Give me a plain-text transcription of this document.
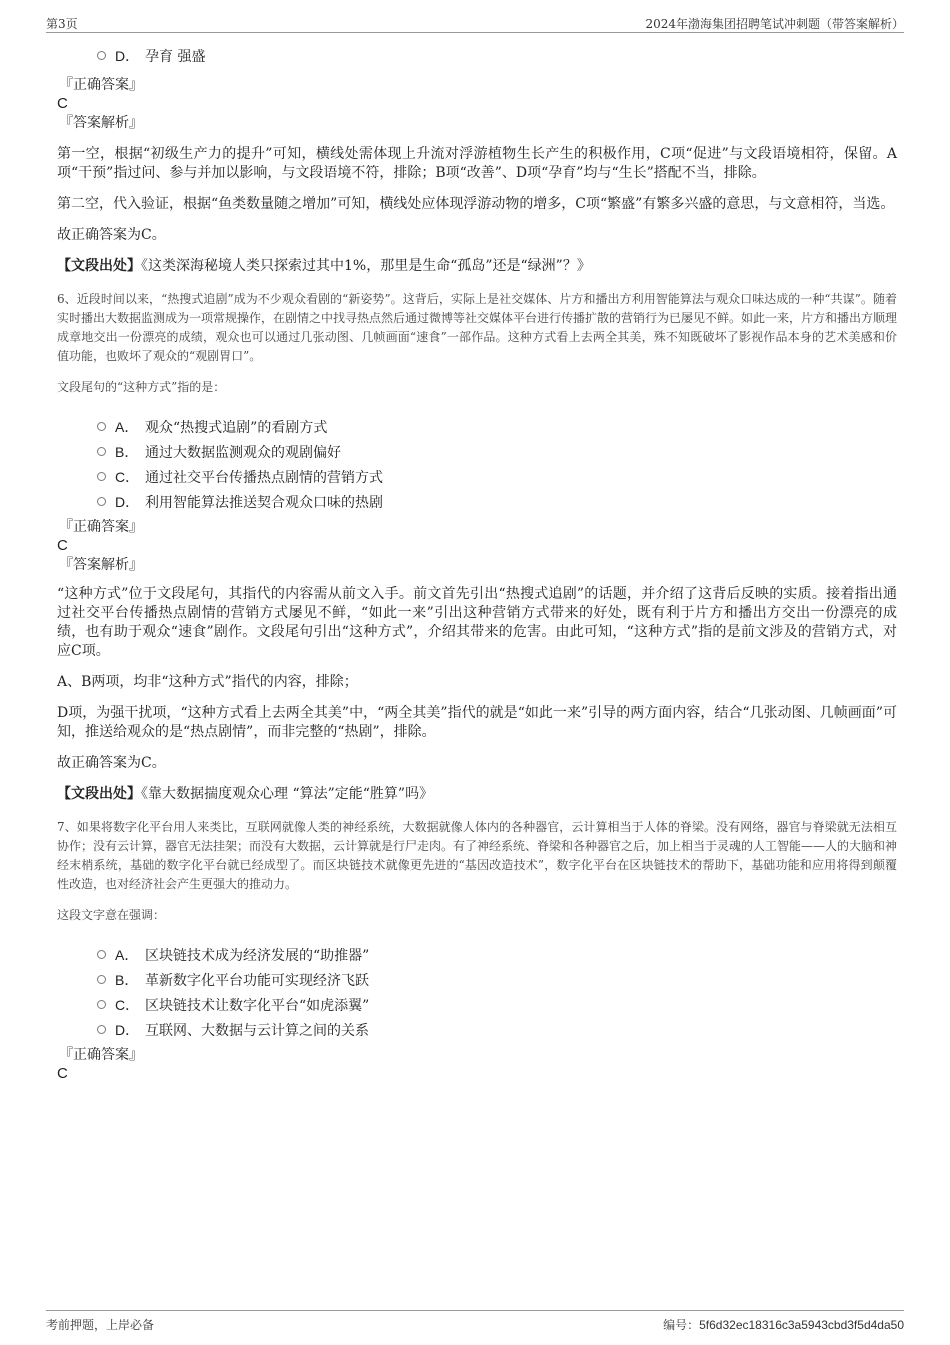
第3页	2024年渤海集团招聘笔试冲刺题（带答案解析）
D． 孕育 强盛
『正确答案』
C
『答案解析』

第一空，根据“初级生产力的提升”可知，横线处需体现上升流对浮游植物生长产生的积极作用，C项“促进”与文段语境相符，保留。A项“干预”指过问、参与并加以影响，与文段语境不符，排除；B项“改善”、D项“孕育”均与“生长”搭配不当，排除。

第二空，代入验证，根据“鱼类数量随之增加”可知，横线处应体现浮游动物的增多，C项“繁盛”有繁多兴盛的意思，与文意相符，当选。

故正确答案为C。

【文段出处】《这类深海秘境人类只探索过其中1%，那里是生命“孤岛”还是“绿洲”？》

6、近段时间以来，“热搜式追剧”成为不少观众看剧的“新姿势”。这背后，实际上是社交媒体、片方和播出方利用智能算法与观众口味达成的一种“共谋”。随着实时播出大数据监测成为一项常规操作，在剧情之中找寻热点然后通过微博等社交媒体平台进行传播扩散的营销行为已屡见不鲜。如此一来，片方和播出方顺理成章地交出一份漂亮的成绩，观众也可以通过几张动图、几帧画面“速食”一部作品。这种方式看上去两全其美，殊不知既破坏了影视作品本身的艺术美感和价值功能，也败坏了观众的“观剧胃口”。

文段尾句的“这种方式”指的是：

A． 观众“热搜式追剧”的看剧方式
B． 通过大数据监测观众的观剧偏好
C． 通过社交平台传播热点剧情的营销方式
D． 利用智能算法推送契合观众口味的热剧
『正确答案』
C
『答案解析』

“这种方式”位于文段尾句，其指代的内容需从前文入手。前文首先引出“热搜式追剧”的话题，并介绍了这背后反映的实质。接着指出通过社交平台传播热点剧情的营销方式屡见不鲜，“如此一来”引出这种营销方式带来的好处，既有利于片方和播出方交出一份漂亮的成绩，也有助于观众“速食”剧作。文段尾句引出“这种方式”，介绍其带来的危害。由此可知，“这种方式”指的是前文涉及的营销方式，对应C项。

A、B两项，均非“这种方式”指代的内容，排除；

D项，为强干扰项，“这种方式看上去两全其美”中，“两全其美”指代的就是“如此一来”引导的两方面内容，结合“几张动图、几帧画面”可知，推送给观众的是“热点剧情”，而非完整的“热剧”，排除。

故正确答案为C。

【文段出处】《靠大数据揣度观众心理 “算法”定能“胜算”吗》

7、如果将数字化平台用人来类比，互联网就像人类的神经系统，大数据就像人体内的各种器官，云计算相当于人体的脊梁。没有网络，器官与脊梁就无法相互协作；没有云计算，器官无法挂架；而没有大数据，云计算就是行尸走肉。有了神经系统、脊梁和各种器官之后，加上相当于灵魂的人工智能——人的大脑和神经末梢系统，基础的数字化平台就已经成型了。而区块链技术就像更先进的“基因改造技术”，数字化平台在区块链技术的帮助下，基础功能和应用将得到颠覆性改造，也对经济社会产生更强大的推动力。

这段文字意在强调：

A． 区块链技术成为经济发展的“助推器”
B． 革新数字化平台功能可实现经济飞跃
C． 区块链技术让数字化平台“如虎添翼”
D． 互联网、大数据与云计算之间的关系
『正确答案』
C
考前押题，上岸必备	编号：5f6d32ec18316c3a5943cbd3f5d4da50
